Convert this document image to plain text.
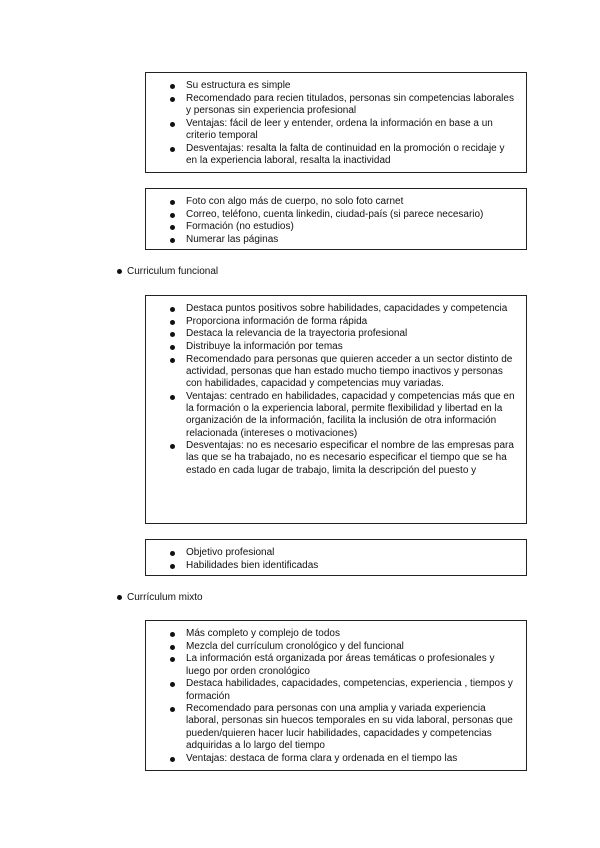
Su estructura es simple
Recomendado para recien titulados, personas sin competencias laborales y personas sin experiencia profesional
Ventajas: fácil de leer y entender, ordena la información en base a un criterio temporal
Desventajas: resalta la falta de continuidad en la promoción o recidaje y en la experiencia laboral, resalta la inactividad
Foto con algo más de cuerpo, no solo foto carnet
Correo, teléfono, cuenta linkedin, ciudad-país (si parece necesario)
Formación (no estudios)
Numerar las páginas
Curriculum funcional
Destaca puntos positivos sobre habilidades, capacidades y competencia
Proporciona información de forma rápida
Destaca la relevancia de la trayectoria profesional
Distribuye la información por temas
Recomendado para personas que quieren acceder a un sector distinto de actividad, personas que han estado mucho tiempo inactivos y personas con habilidades, capacidad y competencias muy variadas.
Ventajas: centrado en habilidades, capacidad y competencias más que en la formación o la experiencia laboral, permite flexibilidad y libertad en la organización de la información, facilita la inclusión de otra información relacionada (intereses o motivaciones)
Desventajas: no es necesario especificar el nombre de las empresas para las que se ha trabajado, no es necesario especificar el tiempo que se ha estado en cada lugar de trabajo, limita la descripción del puesto y
Objetivo profesional
Habilidades bien identificadas
Currículum mixto
Más completo y complejo de todos
Mezcla del currículum cronológico y del funcional
La información está organizada por áreas temáticas o profesionales y luego por orden cronológico
Destaca habilidades, capacidades, competencias, experiencia , tiempos y formación
Recomendado para personas con una amplia y variada experiencia laboral, personas sin huecos temporales en su vida laboral, personas que pueden/quieren hacer lucir habilidades, capacidades y competencias adquiridas a lo largo del tiempo
Ventajas: destaca de forma clara y ordenada en el tiempo las
